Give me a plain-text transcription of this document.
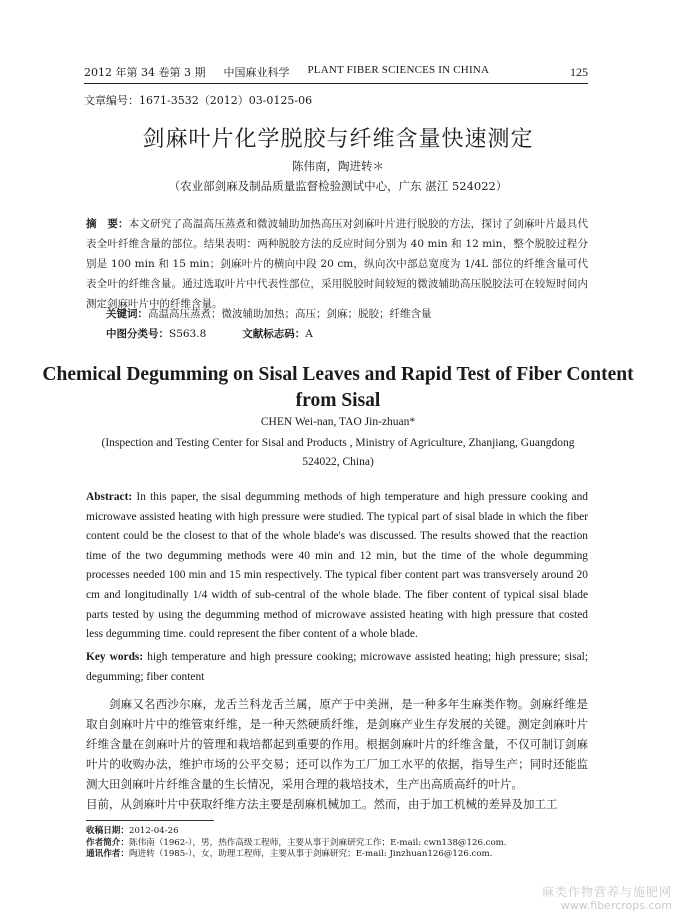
2012 年第 34 卷第 3 期 中国麻业科学 PLANT FIBER SCIENCES IN CHINA	125
文章编号：1671-3532（2012）03-0125-06
剑麻叶片化学脱胶与纤维含量快速测定
陈伟南，陶进转＊
（农业部剑麻及制品质量监督检验测试中心，广东 湛江 524022）
摘　要：本文研究了高温高压蒸煮和微波辅助加热高压对剑麻叶片进行脱胶的方法，探讨了剑麻叶片最具代表全叶纤维含量的部位。结果表明：两种脱胶方法的反应时间分别为 40 min 和 12 min，整个脱胶过程分别是 100 min 和 15 min；剑麻叶片的横向中段 20 cm，纵向次中部总宽度为 1/4L 部位的纤维含量可代表全叶的纤维含量。通过选取叶片中代表性部位，采用脱胶时间较短的微波辅助高压脱胶法可在较短时间内测定剑麻叶片中的纤维含量。
关键词：高温高压蒸煮；微波辅助加热；高压；剑麻；脱胶；纤维含量
中图分类号：S563.8	文献标志码：A
Chemical Degumming on Sisal Leaves and Rapid Test of Fiber Content from Sisal
CHEN Wei-nan, TAO Jin-zhuan*
(Inspection and Testing Center for Sisal and Products , Ministry of Agriculture, Zhanjiang, Guangdong 524022, China)
Abstract: In this paper, the sisal degumming methods of high temperature and high pressure cooking and microwave assisted heating with high pressure were studied. The typical part of sisal blade in which the fiber content could be the closest to that of the whole blade's was discussed. The results showed that the reaction time of the two degumming methods were 40 min and 12 min, but the time of the whole degumming processes needed 100 min and 15 min respectively. The typical fiber content part was transversely around 20 cm and longitudinally 1/4 width of sub-central of the whole blade. The fiber content of typical sisal blade parts tested by using the degumming method of microwave assisted heating with high pressure that costed less degumming time. could represent the fiber content of a whole blade.
Key words: high temperature and high pressure cooking; microwave assisted heating; high pressure; sisal; degumming; fiber content

剑麻又名西沙尔麻，龙舌兰科龙舌兰属，原产于中美洲，是一种多年生麻类作物。剑麻纤维是取自剑麻叶片中的维管束纤维，是一种天然硬质纤维，是剑麻产业生存发展的关键。测定剑麻叶片纤维含量在剑麻叶片的管理和栽培都起到重要的作用。根据剑麻叶片的纤维含量，不仅可制订剑麻叶片的收购办法，维护市场的公平交易；还可以作为工厂加工水平的依据，指导生产；同时还能监测大田剑麻叶片纤维含量的生长情况，采用合理的栽培技术，生产出高质高纤的叶片。

目前，从剑麻叶片中获取纤维方法主要是刮麻机械加工。然而，由于加工机械的差异及加工工

收稿日期：2012-04-26
作者简介：陈伟南（1962-），男，热作高级工程师，主要从事于剑麻研究工作；E-mail: cwn138@126.com.
通讯作者：陶进转（1985-），女，助理工程师，主要从事于剑麻研究；E-mail: Jinzhuan126@126.com.
麻类作物营养与施肥网
www.fibercrops.com
